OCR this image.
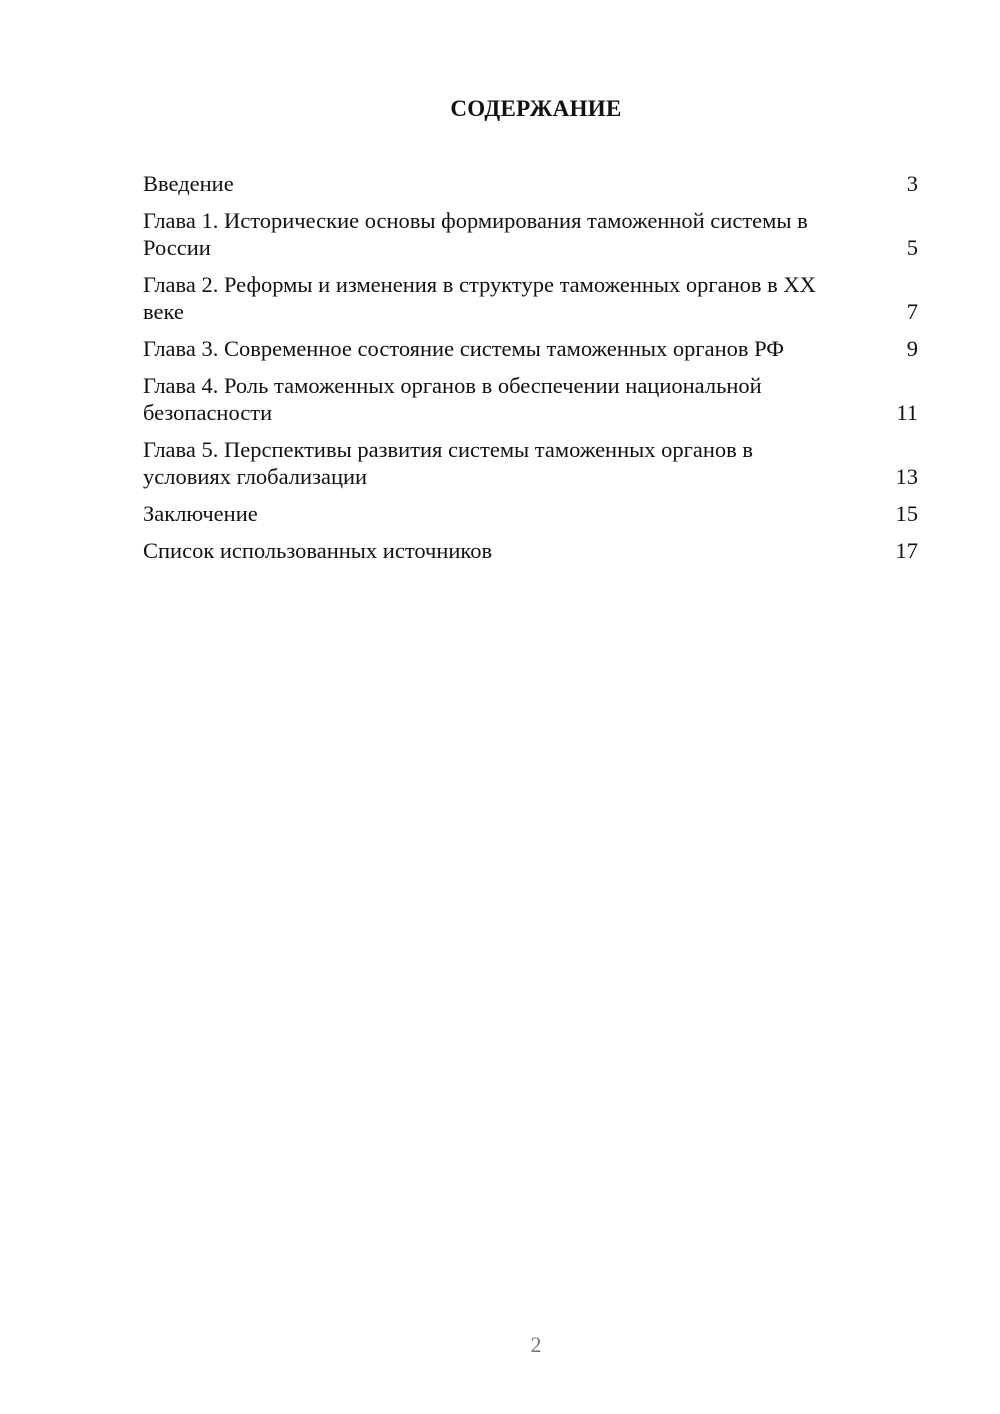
СОДЕРЖАНИЕ
Введение	3
Глава 1. Исторические основы формирования таможенной системы в России	5
Глава 2. Реформы и изменения в структуре таможенных органов в XX веке	7
Глава 3. Современное состояние системы таможенных органов РФ	9
Глава 4. Роль таможенных органов в обеспечении национальной безопасности	11
Глава 5. Перспективы развития системы таможенных органов в условиях глобализации	13
Заключение	15
Список использованных источников	17
2
